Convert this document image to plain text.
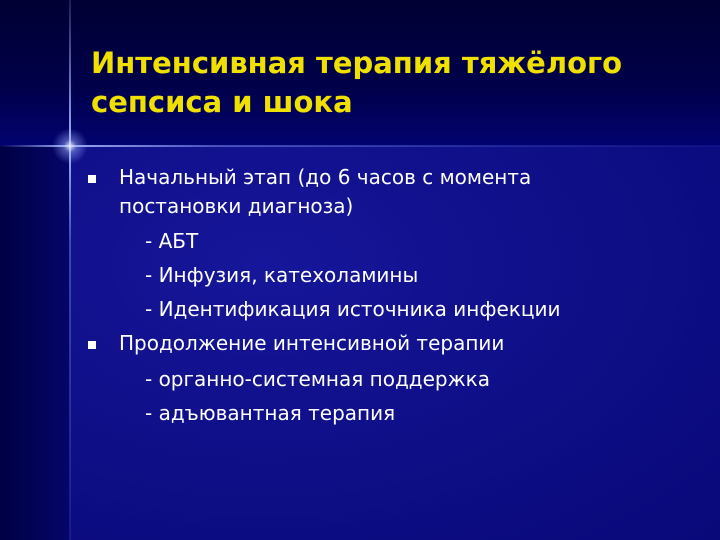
Интенсивная терапия тяжёлого
сепсиса и шока
Начальный этап (до 6 часов с момента
постановки диагноза)
- АБТ
- Инфузия, катехоламины
- Идентификация источника инфекции
Продолжение интенсивной терапии
- органно-системная поддержка
- адъювантная терапия
